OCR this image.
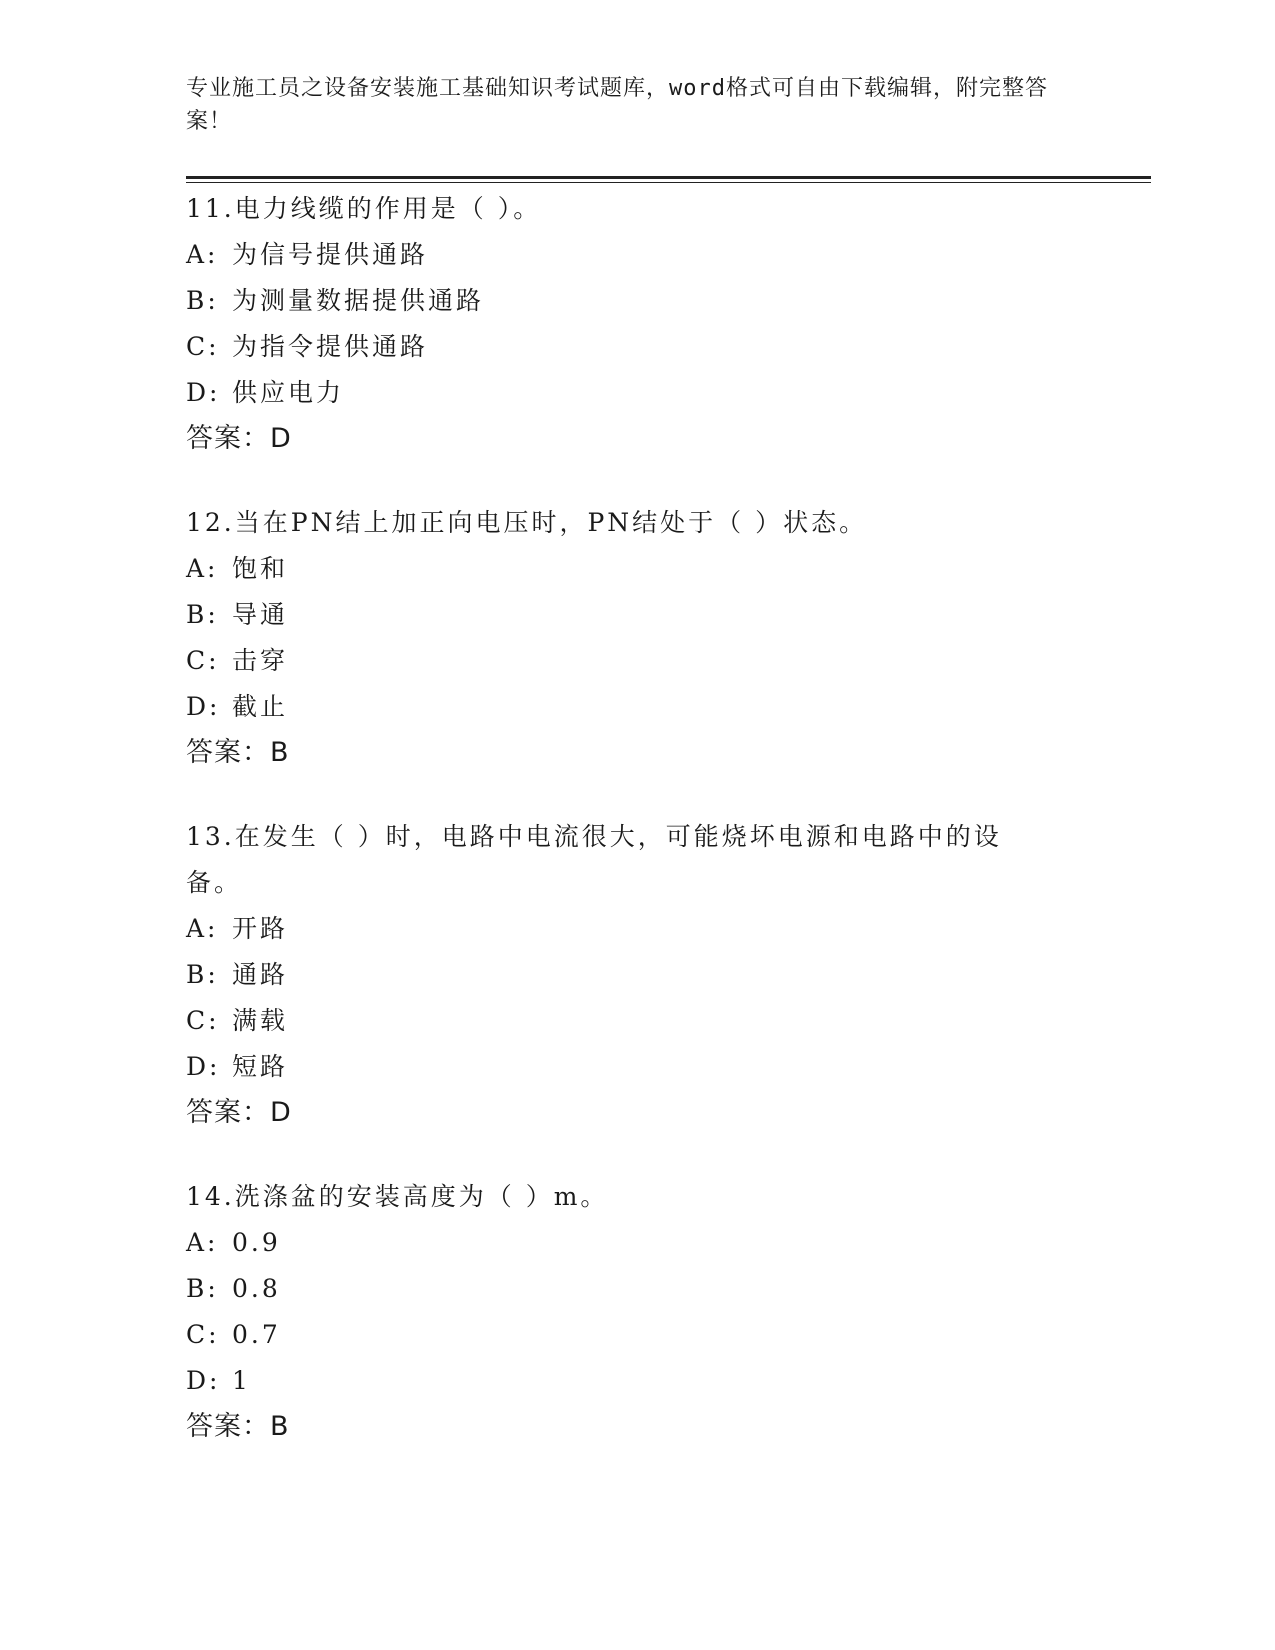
专业施工员之设备安装施工基础知识考试题库，word格式可自由下载编辑，附完整答案！

11.电力线缆的作用是（ ）。

A: 为信号提供通路
B: 为测量数据提供通路
C: 为指令提供通路
D: 供应电力
答案：D

12.当在PN结上加正向电压时，PN结处于（ ）状态。

A: 饱和
B: 导通
C: 击穿
D: 截止
答案：B

13.在发生（ ）时，电路中电流很大，可能烧坏电源和电路中的设备。

A: 开路
B: 通路
C: 满载
D: 短路
答案：D

14.洗涤盆的安装高度为（ ）m。

A: 0.9
B: 0.8
C: 0.7
D: 1
答案：B
